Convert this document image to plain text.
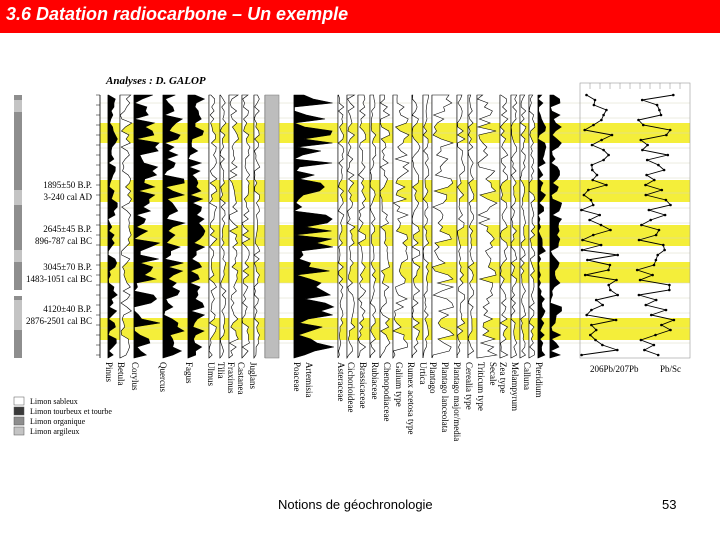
3.6 Datation radiocarbone – Un exemple
Analyses : D. GALOP
1895±50 B.P.
3-240 cal AD
2645±45 B.P.
896-787 cal BC
3045±70 B.P.
1483-1051 cal BC
4120±40 B.P.
2876-2501 cal BC
Pinus Betula Corylus Quercus Fagus Ulmus Tilia Fraxinus Castanea Juglans	Poaceae Artemisia Asteraceae Cichorioideae Brassicaceae Rubiaceae Chenopodiaceae Galium type Rumex acetosa type Urtica Plantago Plantago lanceolata Plantago major/media Cerealia type Triticum type Secale Zea type Melampyrum Calluna Pteridium	206Pb/207Pb Pb/Sc
Limon sableux
Limon tourbeux et tourbe
Limon organique
Limon argileux
Notions de géochronologie	53
